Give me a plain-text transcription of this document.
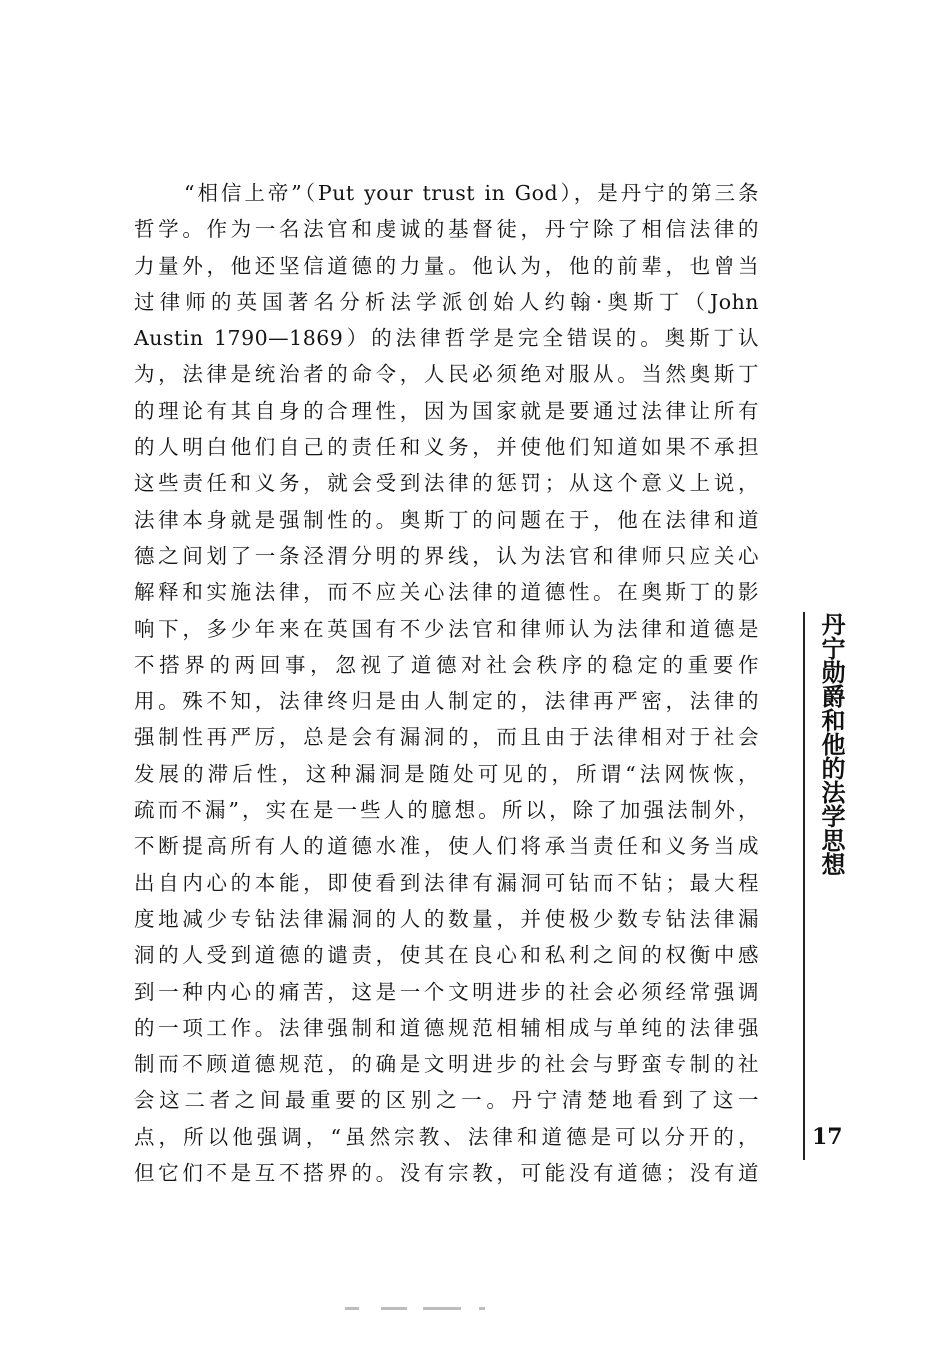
“相信上帝”（Put your trust in God），是丹宁的第三条
哲学。作为一名法官和虔诚的基督徒，丹宁除了相信法律的
力量外，他还坚信道德的力量。他认为，他的前辈，也曾当
过律师的英国著名分析法学派创始人约翰·奥斯丁（John
Austin 1790—1869）的法律哲学是完全错误的。奥斯丁认
为，法律是统治者的命令，人民必须绝对服从。当然奥斯丁
的理论有其自身的合理性，因为国家就是要通过法律让所有
的人明白他们自己的责任和义务，并使他们知道如果不承担
这些责任和义务，就会受到法律的惩罚；从这个意义上说，
法律本身就是强制性的。奥斯丁的问题在于，他在法律和道
德之间划了一条泾渭分明的界线，认为法官和律师只应关心
解释和实施法律，而不应关心法律的道德性。在奥斯丁的影
响下，多少年来在英国有不少法官和律师认为法律和道德是
不搭界的两回事，忽视了道德对社会秩序的稳定的重要作
用。殊不知，法律终归是由人制定的，法律再严密，法律的
强制性再严厉，总是会有漏洞的，而且由于法律相对于社会
发展的滞后性，这种漏洞是随处可见的，所谓“法网恢恢，
疏而不漏”，实在是一些人的臆想。所以，除了加强法制外，
不断提高所有人的道德水准，使人们将承当责任和义务当成
出自内心的本能，即使看到法律有漏洞可钻而不钻；最大程
度地减少专钻法律漏洞的人的数量，并使极少数专钻法律漏
洞的人受到道德的谴责，使其在良心和私利之间的权衡中感
到一种内心的痛苦，这是一个文明进步的社会必须经常强调
的一项工作。法律强制和道德规范相辅相成与单纯的法律强
制而不顾道德规范，的确是文明进步的社会与野蛮专制的社
会这二者之间最重要的区别之一。丹宁清楚地看到了这一
点，所以他强调，“虽然宗教、法律和道德是可以分开的，
但它们不是互不搭界的。没有宗教，可能没有道德；没有道
丹宁勋爵和他的法学思想
17
